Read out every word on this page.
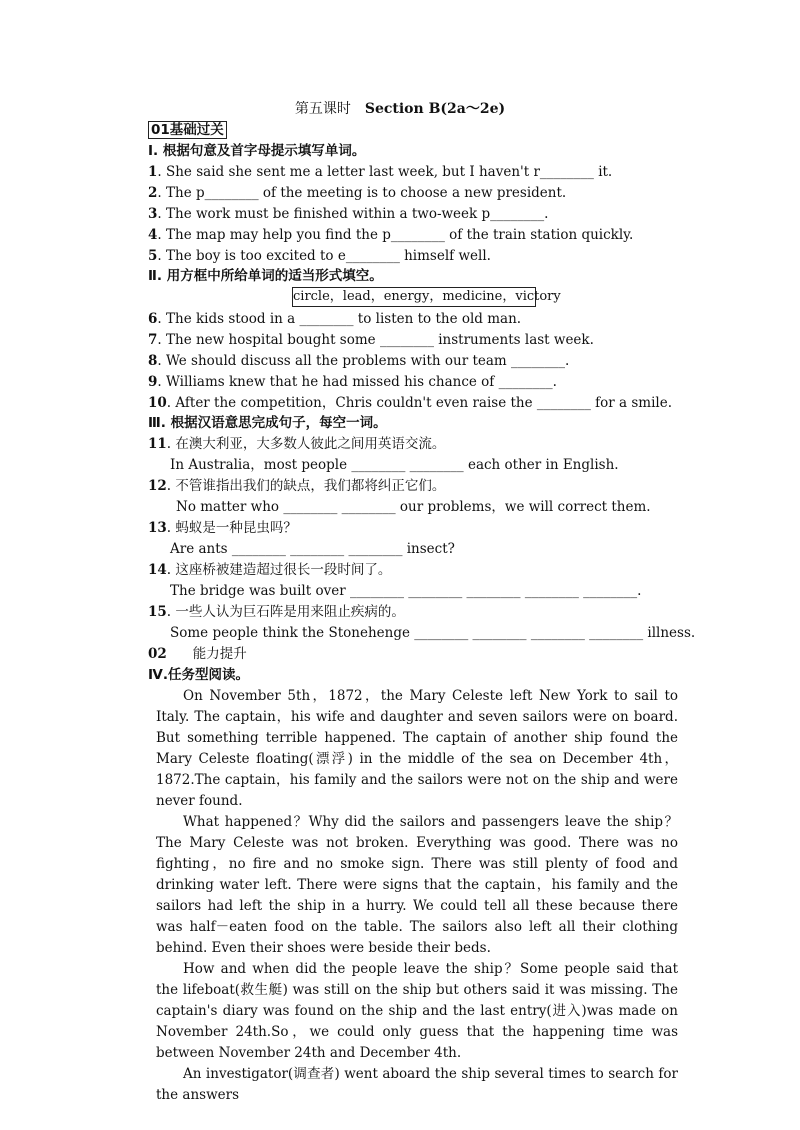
第五课时 Section B(2a～2e)
01基础过关
Ⅰ. 根据句意及首字母提示填写单词。
1. She said she sent me a letter last week, but I haven't r________ it.
2. The p________ of the meeting is to choose a new president.
3. The work must be finished within a two-week p________.
4. The map may help you find the p________ of the train station quickly.
5. The boy is too excited to e________ himself well.
Ⅱ. 用方框中所给单词的适当形式填空。
circle，lead，energy，medicine，victory
6. The kids stood in a ________ to listen to the old man.
7. The new hospital bought some ________ instruments last week.
8. We should discuss all the problems with our team ________.
9. Williams knew that he had missed his chance of ________.
10. After the competition，Chris couldn't even raise the ________ for a smile.
Ⅲ. 根据汉语意思完成句子，每空一词。
11. 在澳大利亚，大多数人彼此之间用英语交流。
In Australia，most people ________ ________ each other in English.
12. 不管谁指出我们的缺点，我们都将纠正它们。
No matter who ________ ________ our problems，we will correct them.
13. 蚂蚁是一种昆虫吗？
Are ants ________ ________ ________ insect?
14. 这座桥被建造超过很长一段时间了。
The bridge was built over ________ ________ ________ ________ ________.
15. 一些人认为巨石阵是用来阻止疾病的。
Some people think the Stonehenge ________ ________ ________ ________ illness.
02 能力提升
Ⅳ.任务型阅读。

On November 5th，1872，the Mary Celeste left New York to sail to Italy. The captain，his wife and daughter and seven sailors were on board. But something terrible happened. The captain of another ship found the Mary Celeste floating(漂浮) in the middle of the sea on December 4th，1872.The captain，his family and the sailors were not on the ship and were never found.

What happened？Why did the sailors and passengers leave the ship？The Mary Celeste was not broken. Everything was good. There was no fighting，no fire and no smoke sign. There was still plenty of food and drinking water left. There were signs that the captain，his family and the sailors had left the ship in a hurry. We could tell all these because there was half－eaten food on the table. The sailors also left all their clothing behind. Even their shoes were beside their beds.

How and when did the people leave the ship？Some people said that the lifeboat(救生艇) was still on the ship but others said it was missing. The captain's diary was found on the ship and the last entry(进入)was made on November 24th.So，we could only guess that the happening time was between November 24th and December 4th.

An investigator(调查者) went aboard the ship several times to search for the answers
